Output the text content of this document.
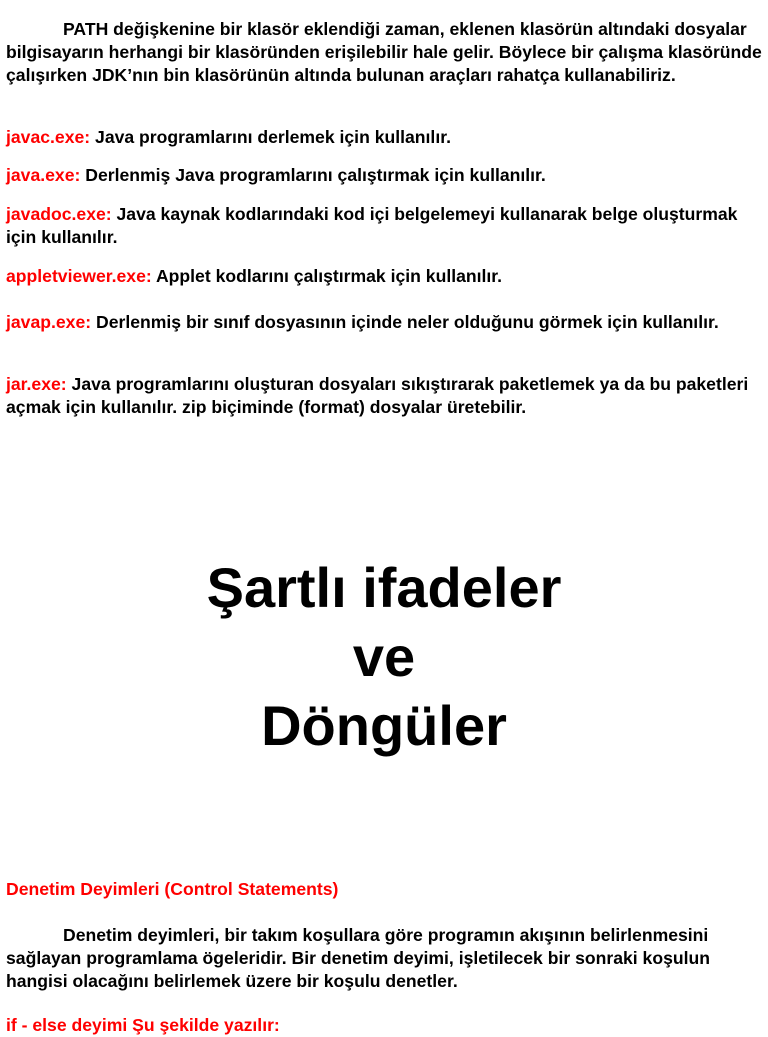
PATH değişkenine bir klasör eklendiği zaman, eklenen klasörün altındaki dosyalar bilgisayarın herhangi bir klasöründen erişilebilir hale gelir. Böylece bir çalışma klasöründe çalışırken JDK’nın bin klasörünün altında bulunan araçları rahatça kullanabiliriz.

javac.exe: Java programlarını derlemek için kullanılır.

java.exe: Derlenmiş Java programlarını çalıştırmak için kullanılır.

javadoc.exe: Java kaynak kodlarındaki kod içi belgelemeyi kullanarak belge oluşturmak için kullanılır.

appletviewer.exe: Applet kodlarını çalıştırmak için kullanılır.

javap.exe: Derlenmiş bir sınıf dosyasının içinde neler olduğunu görmek için kullanılır.

jar.exe: Java programlarını oluşturan dosyaları sıkıştırarak paketlemek ya da bu paketleri açmak için kullanılır. zip biçiminde (format) dosyalar üretebilir.

Denetim Deyimleri (Control Statements)

Denetim deyimleri, bir takım koşullara göre programın akışının belirlenmesini sağlayan programlama ögeleridir. Bir denetim deyimi, işletilecek bir sonraki koşulun hangisi olacağını belirlemek üzere bir koşulu denetler.

if - else deyimi Şu şekilde yazılır:

Şartlı ifadeler
ve
Döngüler
